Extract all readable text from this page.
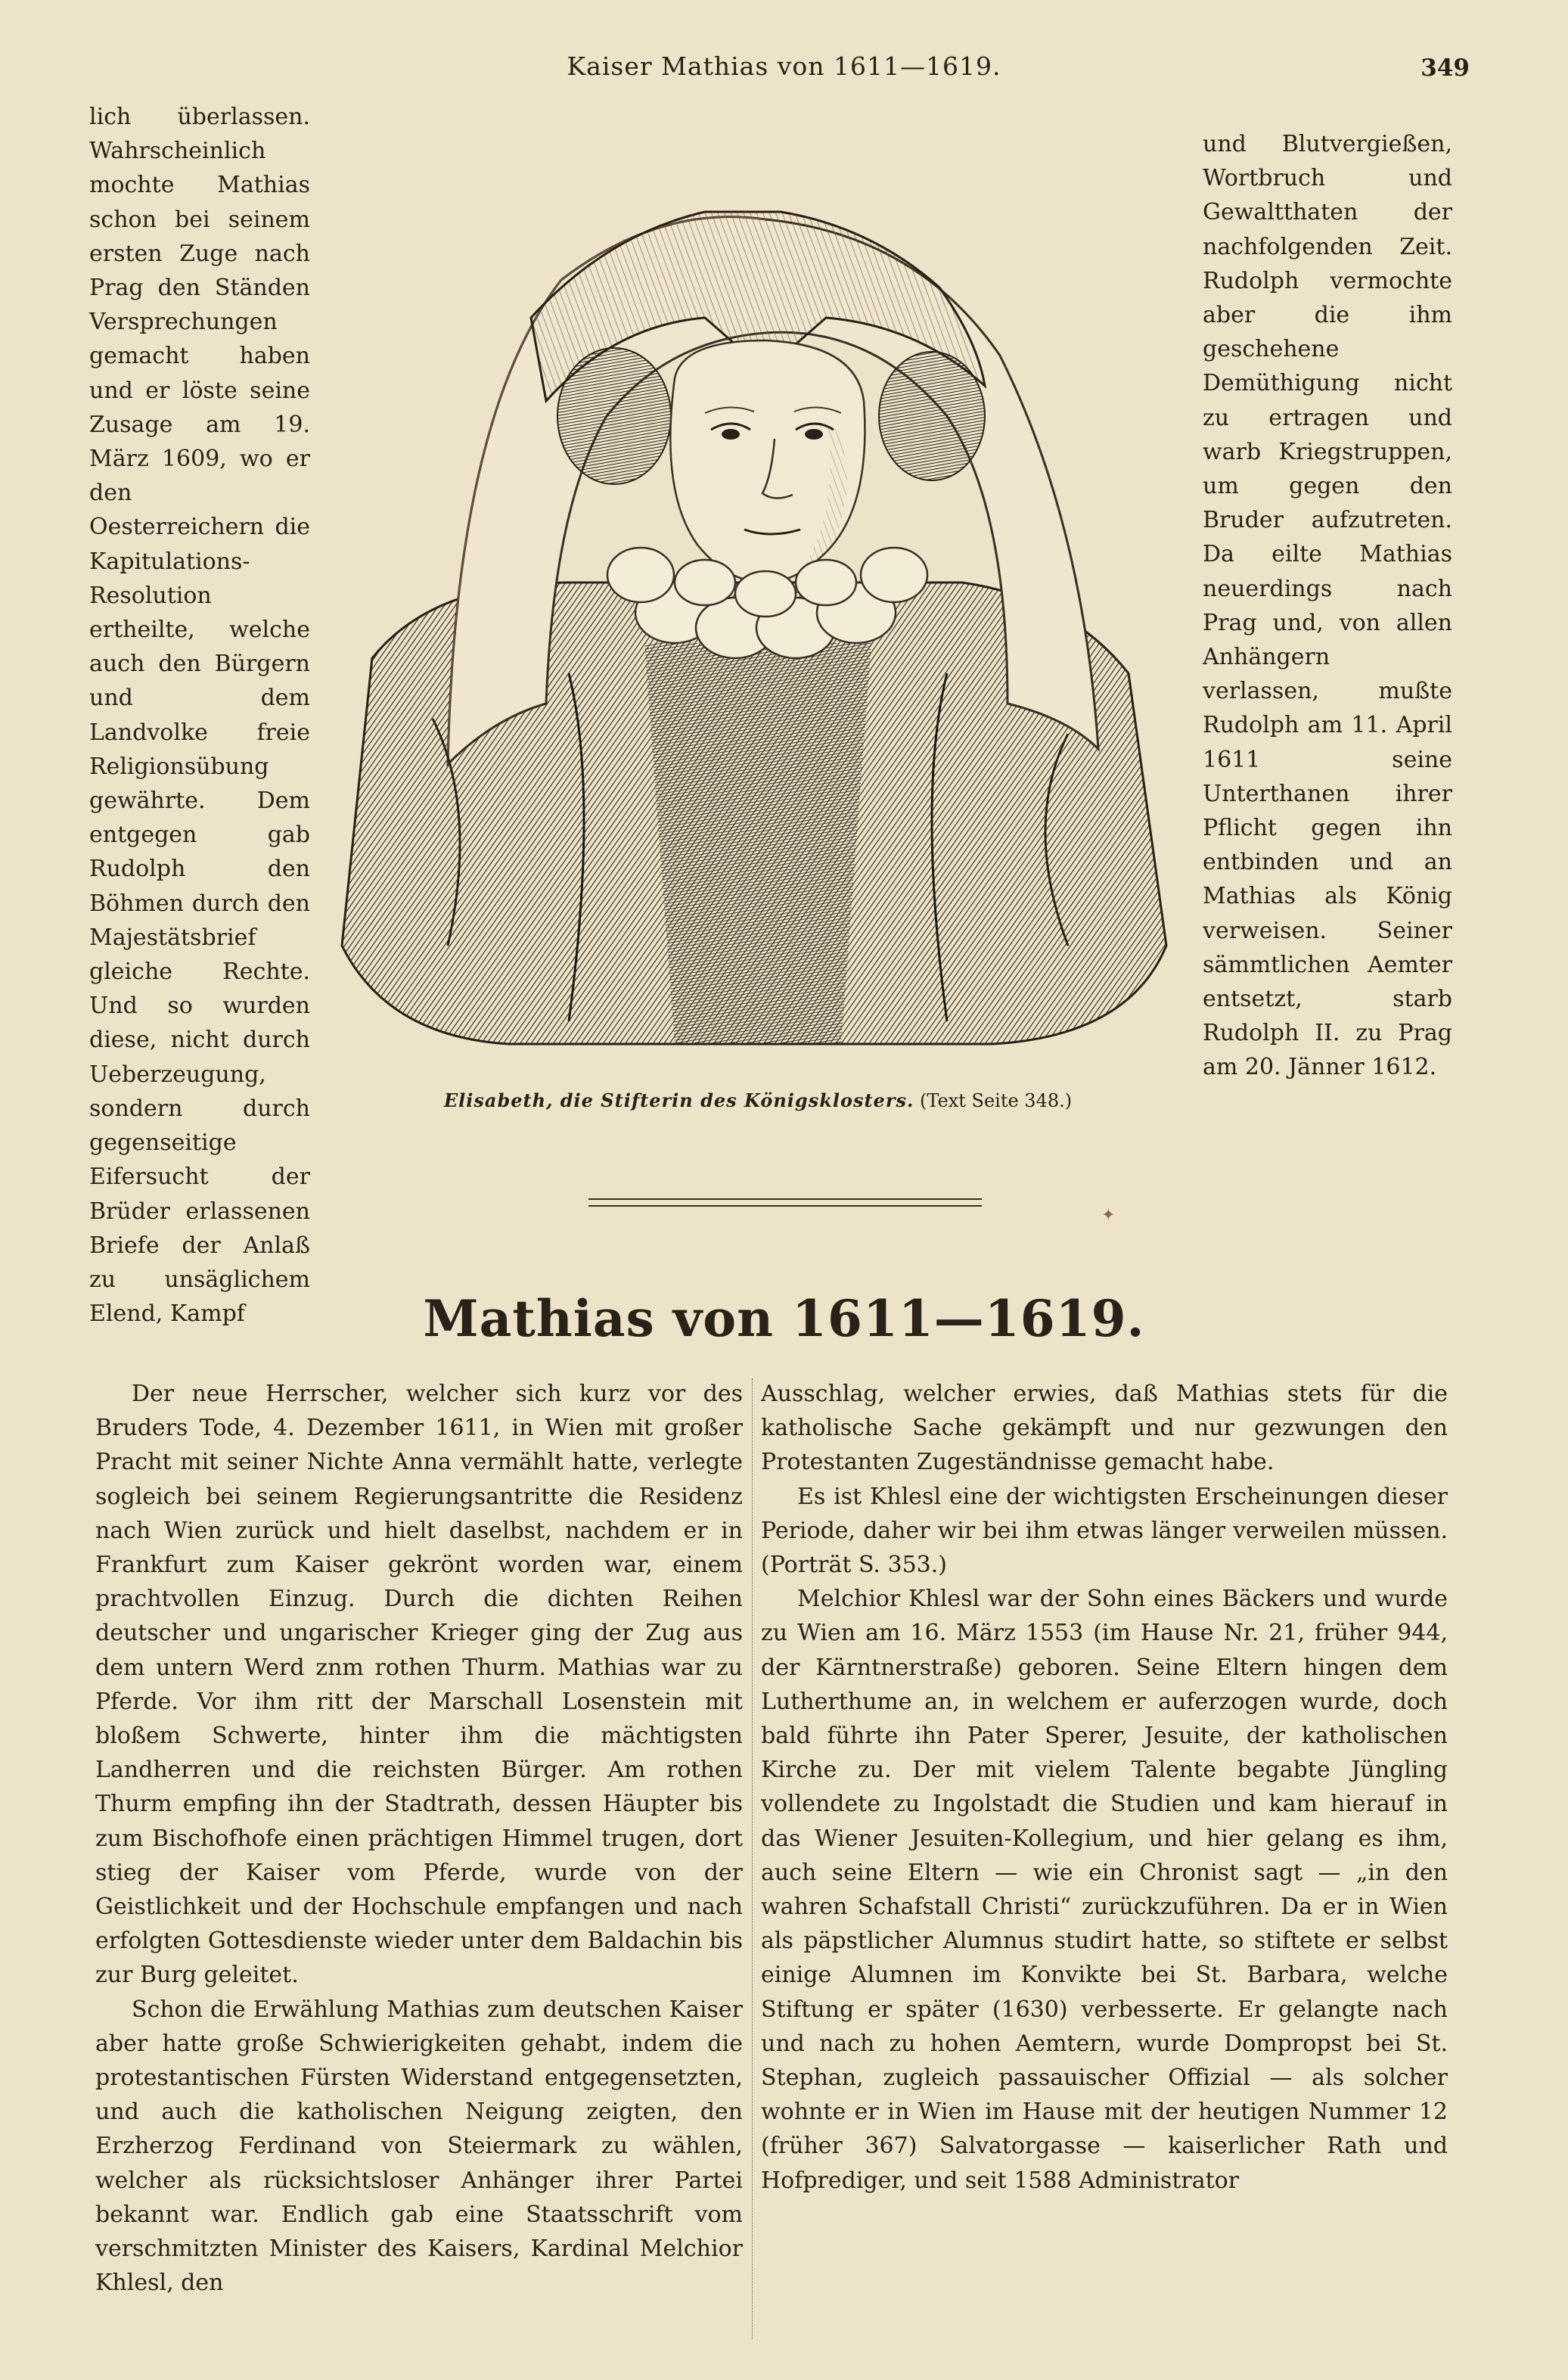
Kaiser Mathias von 1611—1619.	349

lich überlassen. Wahrscheinlich mochte Mathias schon bei seinem ersten Zuge nach Prag den Ständen Versprechungen gemacht haben und er löste seine Zusage am 19. März 1609, wo er den Oesterreichern die Kapitulations-Resolution ertheilte, welche auch den Bürgern und dem Landvolke freie Religionsübung gewährte. Dem entgegen gab Rudolph den Böhmen durch den Majestätsbrief gleiche Rechte. Und so wurden diese, nicht durch Ueberzeugung, sondern durch gegenseitige Eifersucht der Brüder erlassenen Briefe der Anlaß zu unsäglichem Elend, Kampf

Elisabeth, die Stifterin des Königsklosters. (Text Seite 348.)

und Blutvergießen, Wortbruch und Gewaltthaten der nachfolgenden Zeit. Rudolph vermochte aber die ihm geschehene Demüthigung nicht zu ertragen und warb Kriegstruppen, um gegen den Bruder aufzutreten. Da eilte Mathias neuerdings nach Prag und, von allen Anhängern verlassen, mußte Rudolph am 11. April 1611 seine Unterthanen ihrer Pflicht gegen ihn entbinden und an Mathias als König verweisen. Seiner sämmtlichen Aemter entsetzt, starb Rudolph II. zu Prag am 20. Jänner 1612.

✦
Mathias von 1611—1619.

Der neue Herrscher, welcher sich kurz vor des Bruders Tode, 4. Dezember 1611, in Wien mit großer Pracht mit seiner Nichte Anna vermählt hatte, verlegte sogleich bei seinem Regierungsantritte die Residenz nach Wien zurück und hielt daselbst, nachdem er in Frankfurt zum Kaiser gekrönt worden war, einem prachtvollen Einzug. Durch die dichten Reihen deutscher und ungarischer Krieger ging der Zug aus dem untern Werd znm rothen Thurm. Mathias war zu Pferde. Vor ihm ritt der Marschall Losenstein mit bloßem Schwerte, hinter ihm die mächtigsten Landherren und die reichsten Bürger. Am rothen Thurm empfing ihn der Stadtrath, dessen Häupter bis zum Bischofhofe einen prächtigen Himmel trugen, dort stieg der Kaiser vom Pferde, wurde von der Geistlichkeit und der Hochschule empfangen und nach erfolgten Gottesdienste wieder unter dem Baldachin bis zur Burg geleitet.

Schon die Erwählung Mathias zum deutschen Kaiser aber hatte große Schwierigkeiten gehabt, indem die protestantischen Fürsten Widerstand entgegensetzten, und auch die katholischen Neigung zeigten, den Erzherzog Ferdinand von Steiermark zu wählen, welcher als rücksichtsloser Anhänger ihrer Partei bekannt war. Endlich gab eine Staatsschrift vom verschmitzten Minister des Kaisers, Kardinal Melchior Khlesl, den

Ausschlag, welcher erwies, daß Mathias stets für die katholische Sache gekämpft und nur gezwungen den Protestanten Zugeständnisse gemacht habe.

Es ist Khlesl eine der wichtigsten Erscheinungen dieser Periode, daher wir bei ihm etwas länger verweilen müssen. (Porträt S. 353.)

Melchior Khlesl war der Sohn eines Bäckers und wurde zu Wien am 16. März 1553 (im Hause Nr. 21, früher 944, der Kärntnerstraße) geboren. Seine Eltern hingen dem Lutherthume an, in welchem er auferzogen wurde, doch bald führte ihn Pater Sperer, Jesuite, der katholischen Kirche zu. Der mit vielem Talente begabte Jüngling vollendete zu Ingolstadt die Studien und kam hierauf in das Wiener Jesuiten-Kollegium, und hier gelang es ihm, auch seine Eltern — wie ein Chronist sagt — „in den wahren Schafstall Christi“ zurückzuführen. Da er in Wien als päpstlicher Alumnus studirt hatte, so stiftete er selbst einige Alumnen im Konvikte bei St. Barbara, welche Stiftung er später (1630) verbesserte. Er gelangte nach und nach zu hohen Aemtern, wurde Dompropst bei St. Stephan, zugleich passauischer Offizial — als solcher wohnte er in Wien im Hause mit der heutigen Nummer 12 (früher 367) Salvatorgasse — kaiserlicher Rath und Hofprediger, und seit 1588 Administrator
